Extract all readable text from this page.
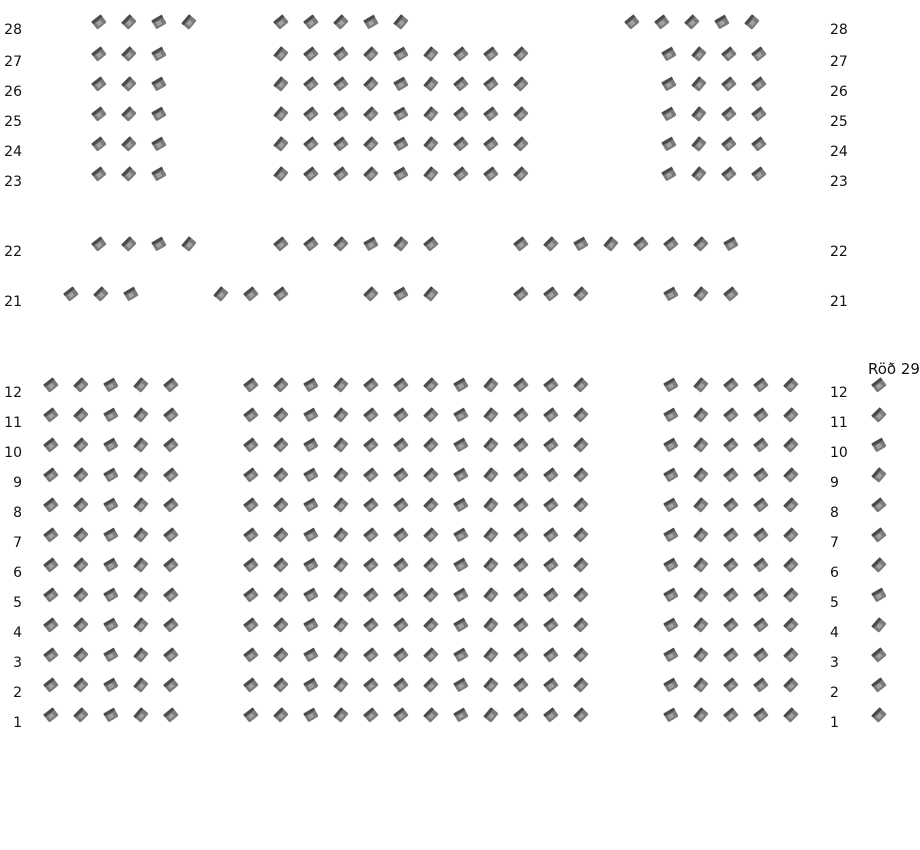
Röð 29
28	28
27	27
26	26
25	25
24	24
23	23
22	22
21	21
12	12
11	11
10	10
9	9
8	8
7	7
6	6
5	5
4	4
3	3
2	2
1	1
